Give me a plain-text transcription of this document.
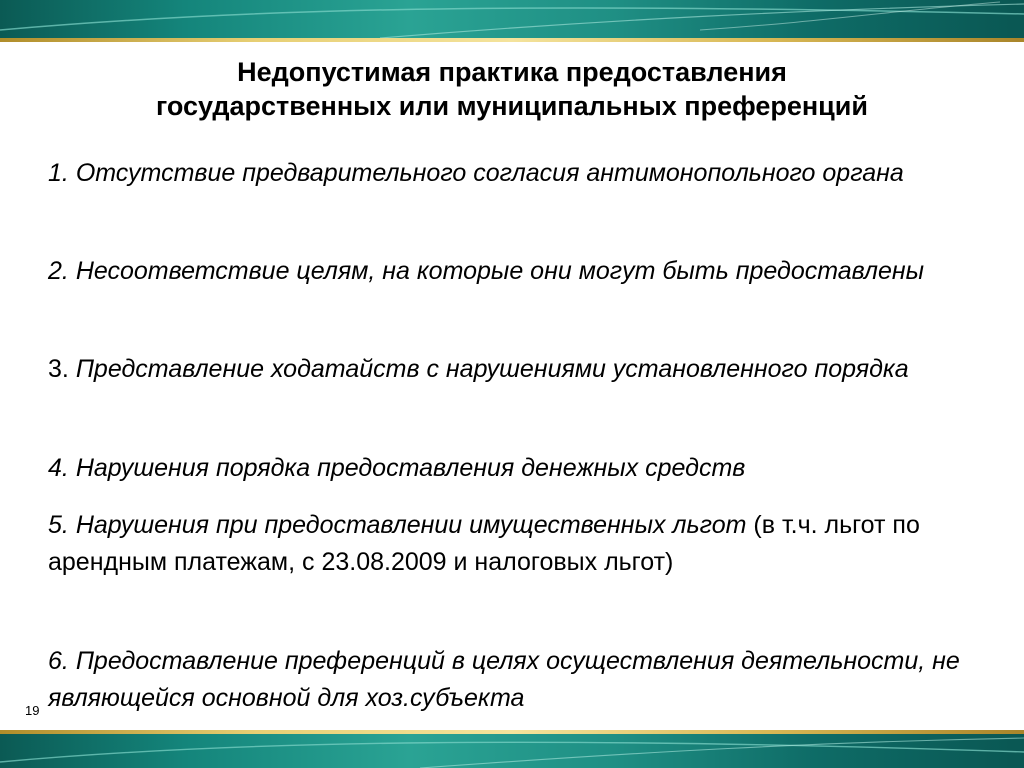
Недопустимая практика предоставления
государственных или муниципальных преференций
1. Отсутствие предварительного согласия антимонопольного органа
2. Несоответствие целям, на которые они могут быть предоставлены
3. Представление ходатайств с нарушениями установленного порядка
4. Нарушения порядка предоставления денежных средств
5. Нарушения при предоставлении имущественных льгот (в т.ч. льгот по арендным платежам, с 23.08.2009 и налоговых льгот)
6. Предоставление преференций в целях осуществления деятельности, не являющейся основной для хоз.субъекта
19
